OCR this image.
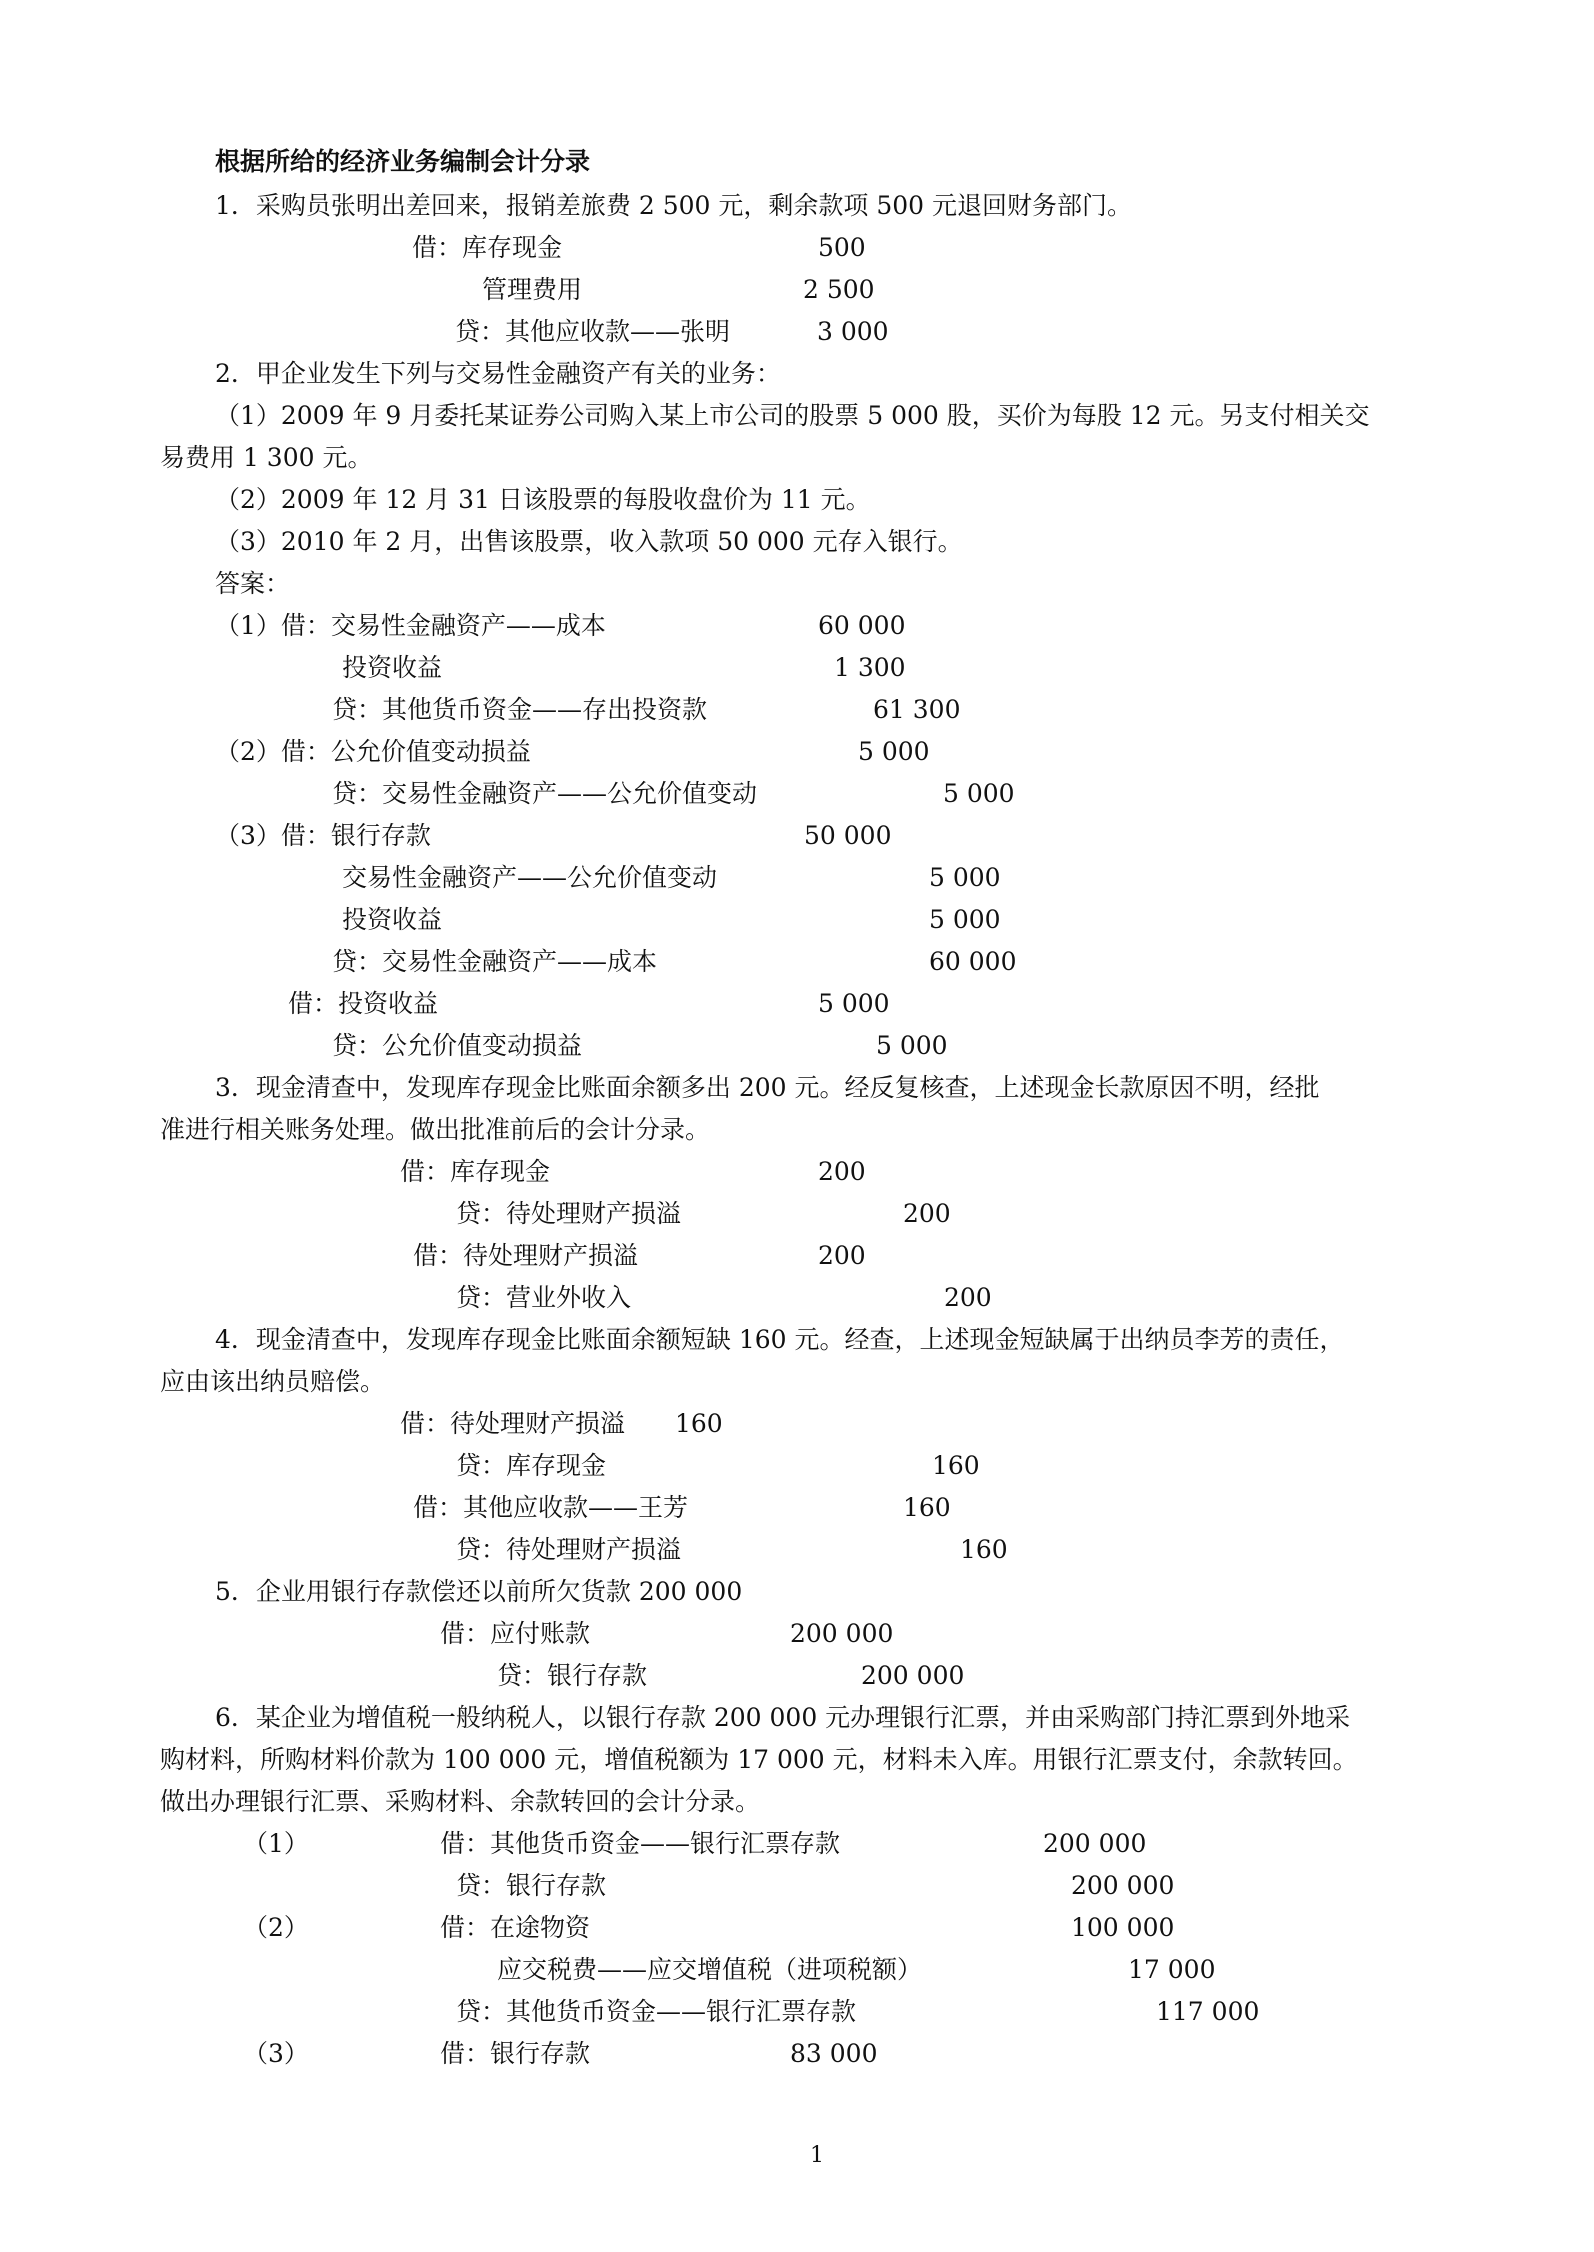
根据所给的经济业务编制会计分录
1．采购员张明出差回来，报销差旅费 2 500 元，剩余款项 500 元退回财务部门。
借：库存现金	500
管理费用	2 500
贷：其他应收款——张明	3 000
2．甲企业发生下列与交易性金融资产有关的业务：
（1）2009 年 9 月委托某证券公司购入某上市公司的股票 5 000 股，买价为每股 12 元。另支付相关交
易费用 1 300 元。
（2）2009 年 12 月 31 日该股票的每股收盘价为 11 元。
（3）2010 年 2 月，出售该股票，收入款项 50 000 元存入银行。
答案：
（1）借：交易性金融资产——成本	60 000
投资收益	1 300
贷：其他货币资金——存出投资款	61 300
（2）借：公允价值变动损益	5 000
贷：交易性金融资产——公允价值变动	5 000
（3）借：银行存款	50 000
交易性金融资产——公允价值变动	5 000
投资收益	5 000
贷：交易性金融资产——成本	60 000
借：投资收益	5 000
贷：公允价值变动损益	5 000
3．现金清查中，发现库存现金比账面余额多出 200 元。经反复核查，上述现金长款原因不明，经批
准进行相关账务处理。做出批准前后的会计分录。
借：库存现金	200
贷：待处理财产损溢	200
借：待处理财产损溢	200
贷：营业外收入	200
4．现金清查中，发现库存现金比账面余额短缺 160 元。经查，上述现金短缺属于出纳员李芳的责任，
应由该出纳员赔偿。
借：待处理财产损溢 160
贷：库存现金	160
借：其他应收款——王芳	160
贷：待处理财产损溢	160
5．企业用银行存款偿还以前所欠货款 200 000
借：应付账款	200 000
贷：银行存款	200 000
6．某企业为增值税一般纳税人，以银行存款 200 000 元办理银行汇票，并由采购部门持汇票到外地采
购材料，所购材料价款为 100 000 元，增值税额为 17 000 元，材料未入库。用银行汇票支付，余款转回。
做出办理银行汇票、采购材料、余款转回的会计分录。
（1）	借：其他货币资金——银行汇票存款	200 000
贷：银行存款	200 000
（2）	借：在途物资	100 000
应交税费——应交增值税（进项税额）	17 000
贷：其他货币资金——银行汇票存款	117 000
（3）	借：银行存款	83 000
1
